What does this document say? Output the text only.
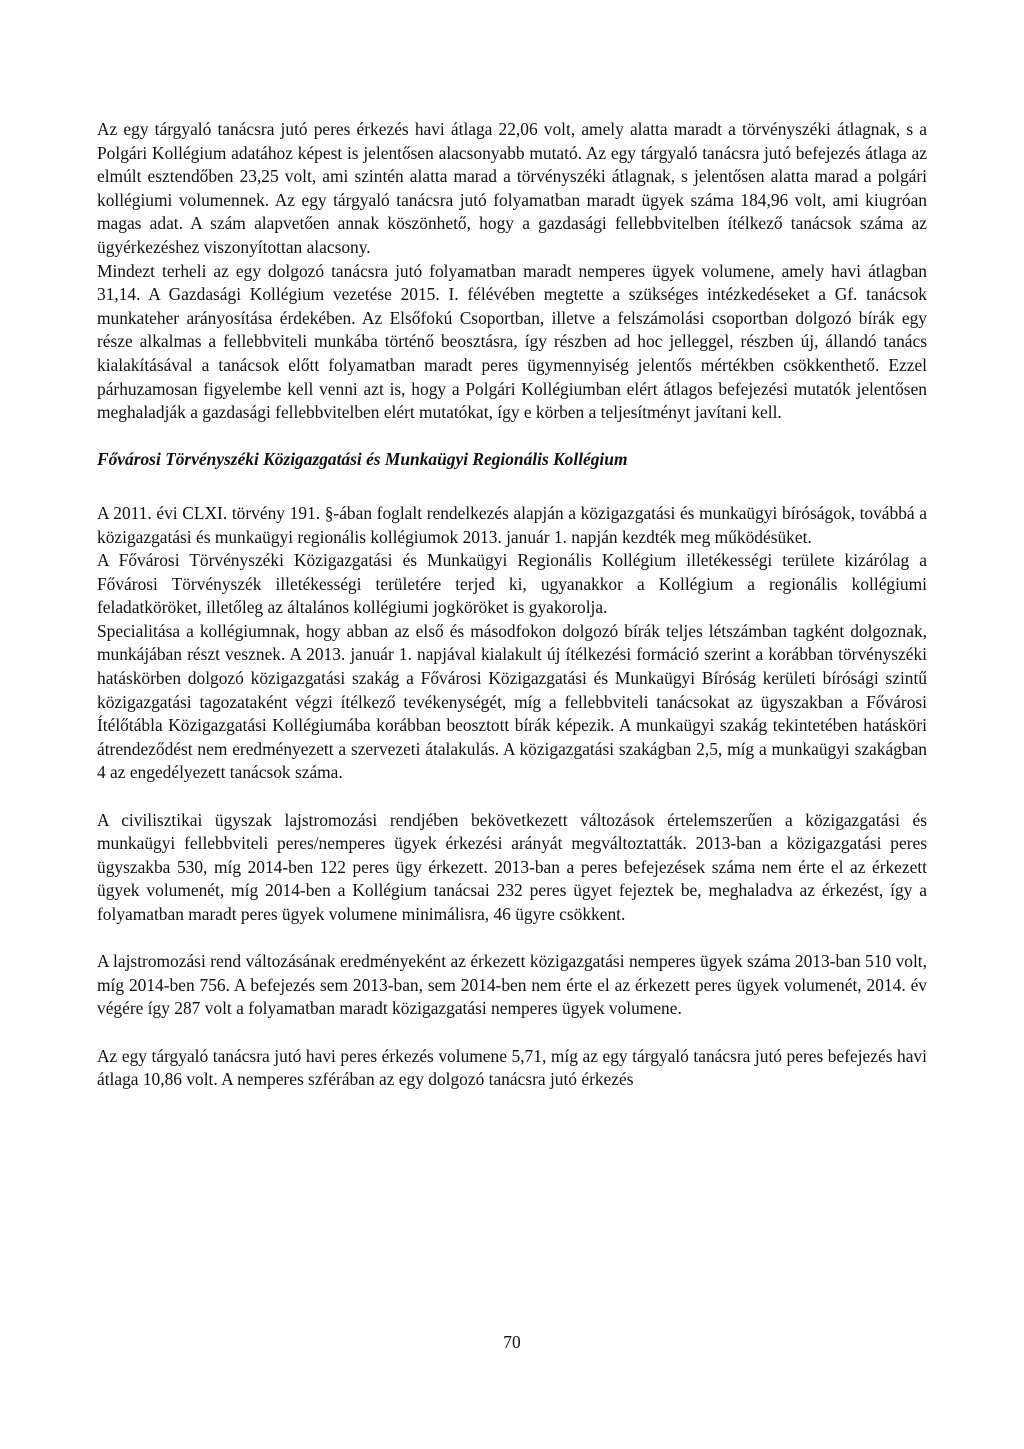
Az egy tárgyaló tanácsra jutó peres érkezés havi átlaga 22,06 volt, amely alatta maradt a törvényszéki átlagnak, s a Polgári Kollégium adatához képest is jelentősen alacsonyabb mutató. Az egy tárgyaló tanácsra jutó befejezés átlaga az elmúlt esztendőben 23,25 volt, ami szintén alatta marad a törvényszéki átlagnak, s jelentősen alatta marad a polgári kollégiumi volumennek. Az egy tárgyaló tanácsra jutó folyamatban maradt ügyek száma 184,96 volt, ami kiugróan magas adat. A szám alapvetően annak köszönhető, hogy a gazdasági fellebbvitelben ítélkező tanácsok száma az ügyérkezéshez viszonyítottan alacsony.

Mindezt terheli az egy dolgozó tanácsra jutó folyamatban maradt nemperes ügyek volumene, amely havi átlagban 31,14. A Gazdasági Kollégium vezetése 2015. I. félévében megtette a szükséges intézkedéseket a Gf. tanácsok munkateher arányosítása érdekében. Az Elsőfokú Csoportban, illetve a felszámolási csoportban dolgozó bírák egy része alkalmas a fellebbviteli munkába történő beosztásra, így részben ad hoc jelleggel, részben új, állandó tanács kialakításával a tanácsok előtt folyamatban maradt peres ügymennyiség jelentős mértékben csökkenthető. Ezzel párhuzamosan figyelembe kell venni azt is, hogy a Polgári Kollégiumban elért átlagos befejezési mutatók jelentősen meghaladják a gazdasági fellebbvitelben elért mutatókat, így e körben a teljesítményt javítani kell.

Fővárosi Törvényszéki Közigazgatási és Munkaügyi Regionális Kollégium

A 2011. évi CLXI. törvény 191. §-ában foglalt rendelkezés alapján a közigazgatási és munkaügyi bíróságok, továbbá a közigazgatási és munkaügyi regionális kollégiumok 2013. január 1. napján kezdték meg működésüket.

A Fővárosi Törvényszéki Közigazgatási és Munkaügyi Regionális Kollégium illetékességi területe kizárólag a Fővárosi Törvényszék illetékességi területére terjed ki, ugyanakkor a Kollégium a regionális kollégiumi feladatköröket, illetőleg az általános kollégiumi jogköröket is gyakorolja.

Specialitása a kollégiumnak, hogy abban az első és másodfokon dolgozó bírák teljes létszámban tagként dolgoznak, munkájában részt vesznek. A 2013. január 1. napjával kialakult új ítélkezési formáció szerint a korábban törvényszéki hatáskörben dolgozó közigazgatási szakág a Fővárosi Közigazgatási és Munkaügyi Bíróság kerületi bírósági szintű közigazgatási tagozataként végzi ítélkező tevékenységét, míg a fellebbviteli tanácsokat az ügyszakban a Fővárosi Ítélőtábla Közigazgatási Kollégiumába korábban beosztott bírák képezik. A munkaügyi szakág tekintetében hatásköri átrendeződést nem eredményezett a szervezeti átalakulás. A közigazgatási szakágban 2,5, míg a munkaügyi szakágban 4 az engedélyezett tanácsok száma.

A civilisztikai ügyszak lajstromozási rendjében bekövetkezett változások értelemszerűen a közigazgatási és munkaügyi fellebbviteli peres/nemperes ügyek érkezési arányát megváltoztatták. 2013-ban a közigazgatási peres ügyszakba 530, míg 2014-ben 122 peres ügy érkezett. 2013-ban a peres befejezések száma nem érte el az érkezett ügyek volumenét, míg 2014-ben a Kollégium tanácsai 232 peres ügyet fejeztek be, meghaladva az érkezést, így a folyamatban maradt peres ügyek volumene minimálisra, 46 ügyre csökkent.

A lajstromozási rend változásának eredményeként az érkezett közigazgatási nemperes ügyek száma 2013-ban 510 volt, míg 2014-ben 756. A befejezés sem 2013-ban, sem 2014-ben nem érte el az érkezett peres ügyek volumenét, 2014. év végére így 287 volt a folyamatban maradt közigazgatási nemperes ügyek volumene.

Az egy tárgyaló tanácsra jutó havi peres érkezés volumene 5,71, míg az egy tárgyaló tanácsra jutó peres befejezés havi átlaga 10,86 volt. A nemperes szférában az egy dolgozó tanácsra jutó érkezés

70
